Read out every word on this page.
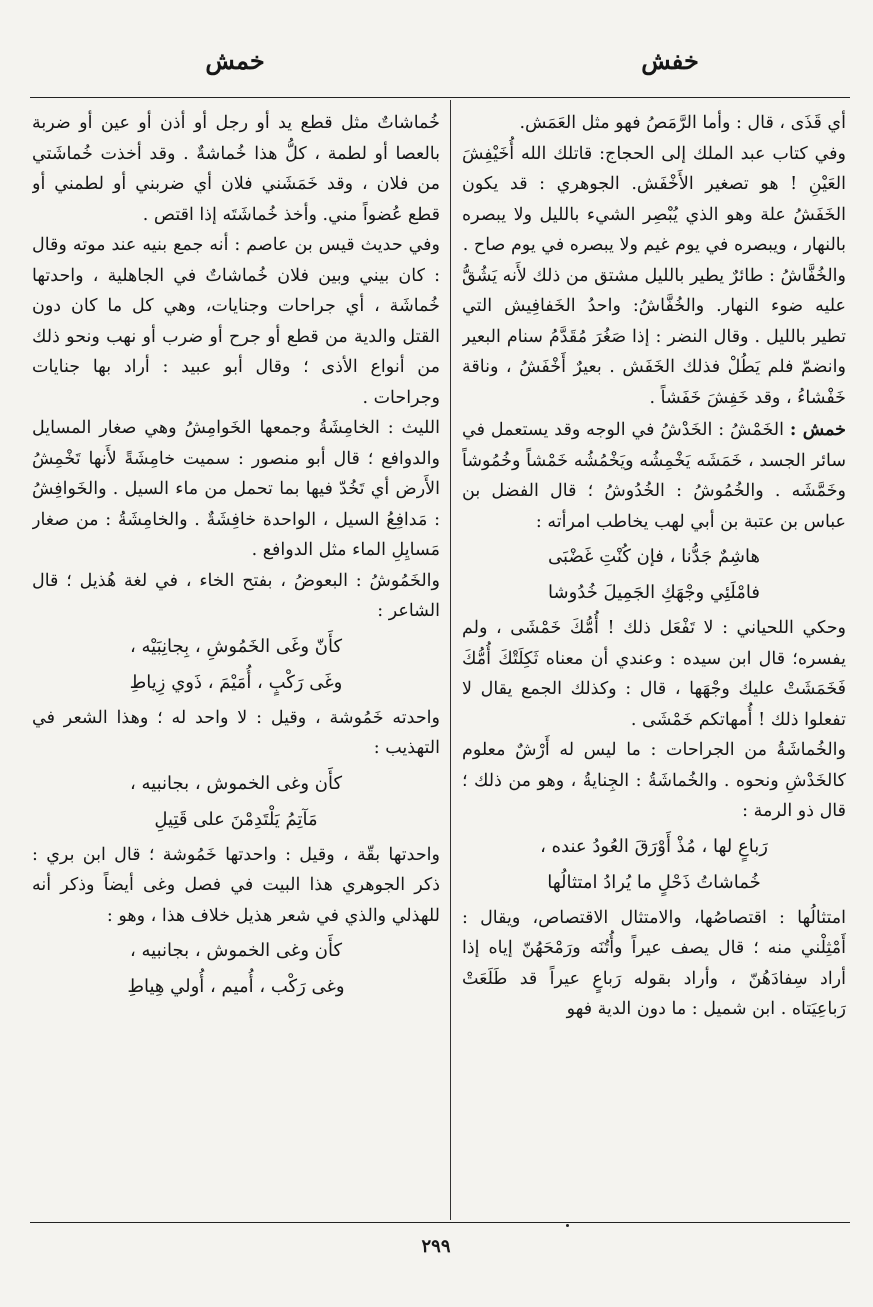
خفش
خمش

أي قَذَى ، قال : وأما الرَّمَصُ فهو مثل العَمَش.

وفي كتاب عبد الملك إلى الحجاج: قاتلك الله أُخَيْفِشَ العَيْنِ ! هو تصغير الأَخْفَش. الجوهري : قد يكون الخَفَشُ علة وهو الذي يُبْصِر الشيء بالليل ولا يبصره بالنهار ، ويبصره في يوم غيم ولا يبصره في يوم صاح .

والخُفَّاشُ : طائرٌ يطير بالليل مشتق من ذلك لأَنه يَشُقُّ عليه ضوء النهار. والخُفَّاشُ: واحدُ الخَفافِيش التي تطير بالليل . وقال النضر : إذا صَغُرَ مُقَدَّمُ سنام البعير وانضمّ فلم يَطُلْ فذلك الخَفَش . بعيرٌ أَخْفَشُ ، وناقة خَفْشاءُ ، وقد خَفِشَ خَفَشاً .

خمش : الخَمْشُ : الخَدْشُ في الوجه وقد يستعمل في سائر الجسد ، خَمَشَه يَخْمِشُه ويَخْمُشُه خَمْشاً وخُمُوشاً وخَمَّشَه . والخُمُوشُ : الخُدُوشُ ؛ قال الفضل بن عباس بن عتبة بن أبي لهب يخاطب امرأته :

هاشِمٌ جَدُّنا ، فإن كُنْتِ غَضْبَى
فامْلَئِي وجْهَكِ الجَمِيلَ خُدُوشا

وحكي اللحياني : لا تَفْعَل ذلك ! أُمُّكَ خَمْشَى ، ولم يفسره؛ قال ابن سيده : وعندي أن معناه ثَكِلَتْكَ أُمُّكَ فَخَمَشَتْ عليك وجْهَها ، قال : وكذلك الجمع يقال لا تفعلوا ذلك ! أُمهاتكم خَمْشَى .

والخُماشَةُ من الجراحات : ما ليس له أَرْشٌ معلوم كالخَدْشِ ونحوه . والخُماشَةُ : الجِنايةُ ، وهو من ذلك ؛ قال ذو الرمة :

رَباعٍ لها ، مُذْ أَوْرَقَ العُودُ عنده ،
خُماشاتُ ذَحْلٍ ما يُرادُ امتثالُها

امتثالُها : اقتصاصُها، والامتثال الاقتصاص، ويقال : أَمْثِلْني منه ؛ قال يصف عيراً وأُتُنَه ورَمْحَهُنّ إياه إذا أراد سِفادَهُنّ ، وأراد بقوله رَباعٍ عيراً قد طَلَعَتْ رَباعِيَتاه . ابن شميل : ما دون الدية فهو

خُماشاتٌ مثل قطع يد أو رجل أو أذن أو عين أو ضربة بالعصا أو لطمة ، كلُّ هذا خُماشةٌ . وقد أخذت خُماشَتي من فلان ، وقد خَمَشَني فلان أي ضربني أو لطمني أو قطع عُضواً مني. وأخذ خُماشَتَه إذا اقتص .

وفي حديث قيس بن عاصم : أنه جمع بنيه عند موته وقال : كان بيني وبين فلان خُماشاتٌ في الجاهلية ، واحدتها خُماشَة ، أي جراحات وجنايات، وهي كل ما كان دون القتل والدية من قطع أو جرح أو ضرب أو نهب ونحو ذلك من أنواع الأذى ؛ وقال أبو عبيد : أراد بها جنايات وجراحات .

الليث : الخامِشَةُ وجمعها الخَوامِشُ وهي صغار المسايل والدوافع ؛ قال أبو منصور : سميت خامِشَةً لأَنها تَخْمِشُ الأَرض أي تَخُدّ فيها بما تحمل من ماء السيل . والخَوافِشُ : مَدافِعُ السيل ، الواحدة خافِشَةٌ . والخامِشَةُ : من صغار مَسايِلِ الماء مثل الدوافع .

والخَمُوشُ : البعوضُ ، بفتح الخاء ، في لغة هُذيل ؛ قال الشاعر :

كأَنّ وغَى الخَمُوشِ ، بِجانِبَيْه ،
وغَى رَكْبٍ ، أُمَيْمَ ، ذَوي زِياطِ

واحدته خَمُوشة ، وقيل : لا واحد له ؛ وهذا الشعر في التهذيب :

كأَن وغى الخموش ، بجانبيه ،
مَآتِمُ يَلْتَدِمْنَ على قَتِيلِ

واحدتها بقّة ، وقيل : واحدتها خَمُوشة ؛ قال ابن بري : ذكر الجوهري هذا البيت في فصل وغى أيضاً وذكر أنه للهذلي والذي في شعر هذيل خلاف هذا ، وهو :

كأَن وغى الخموش ، بجانبيه ،
وغى رَكْب ، أُميم ، أُولي هِياطِ
٢٩٩
